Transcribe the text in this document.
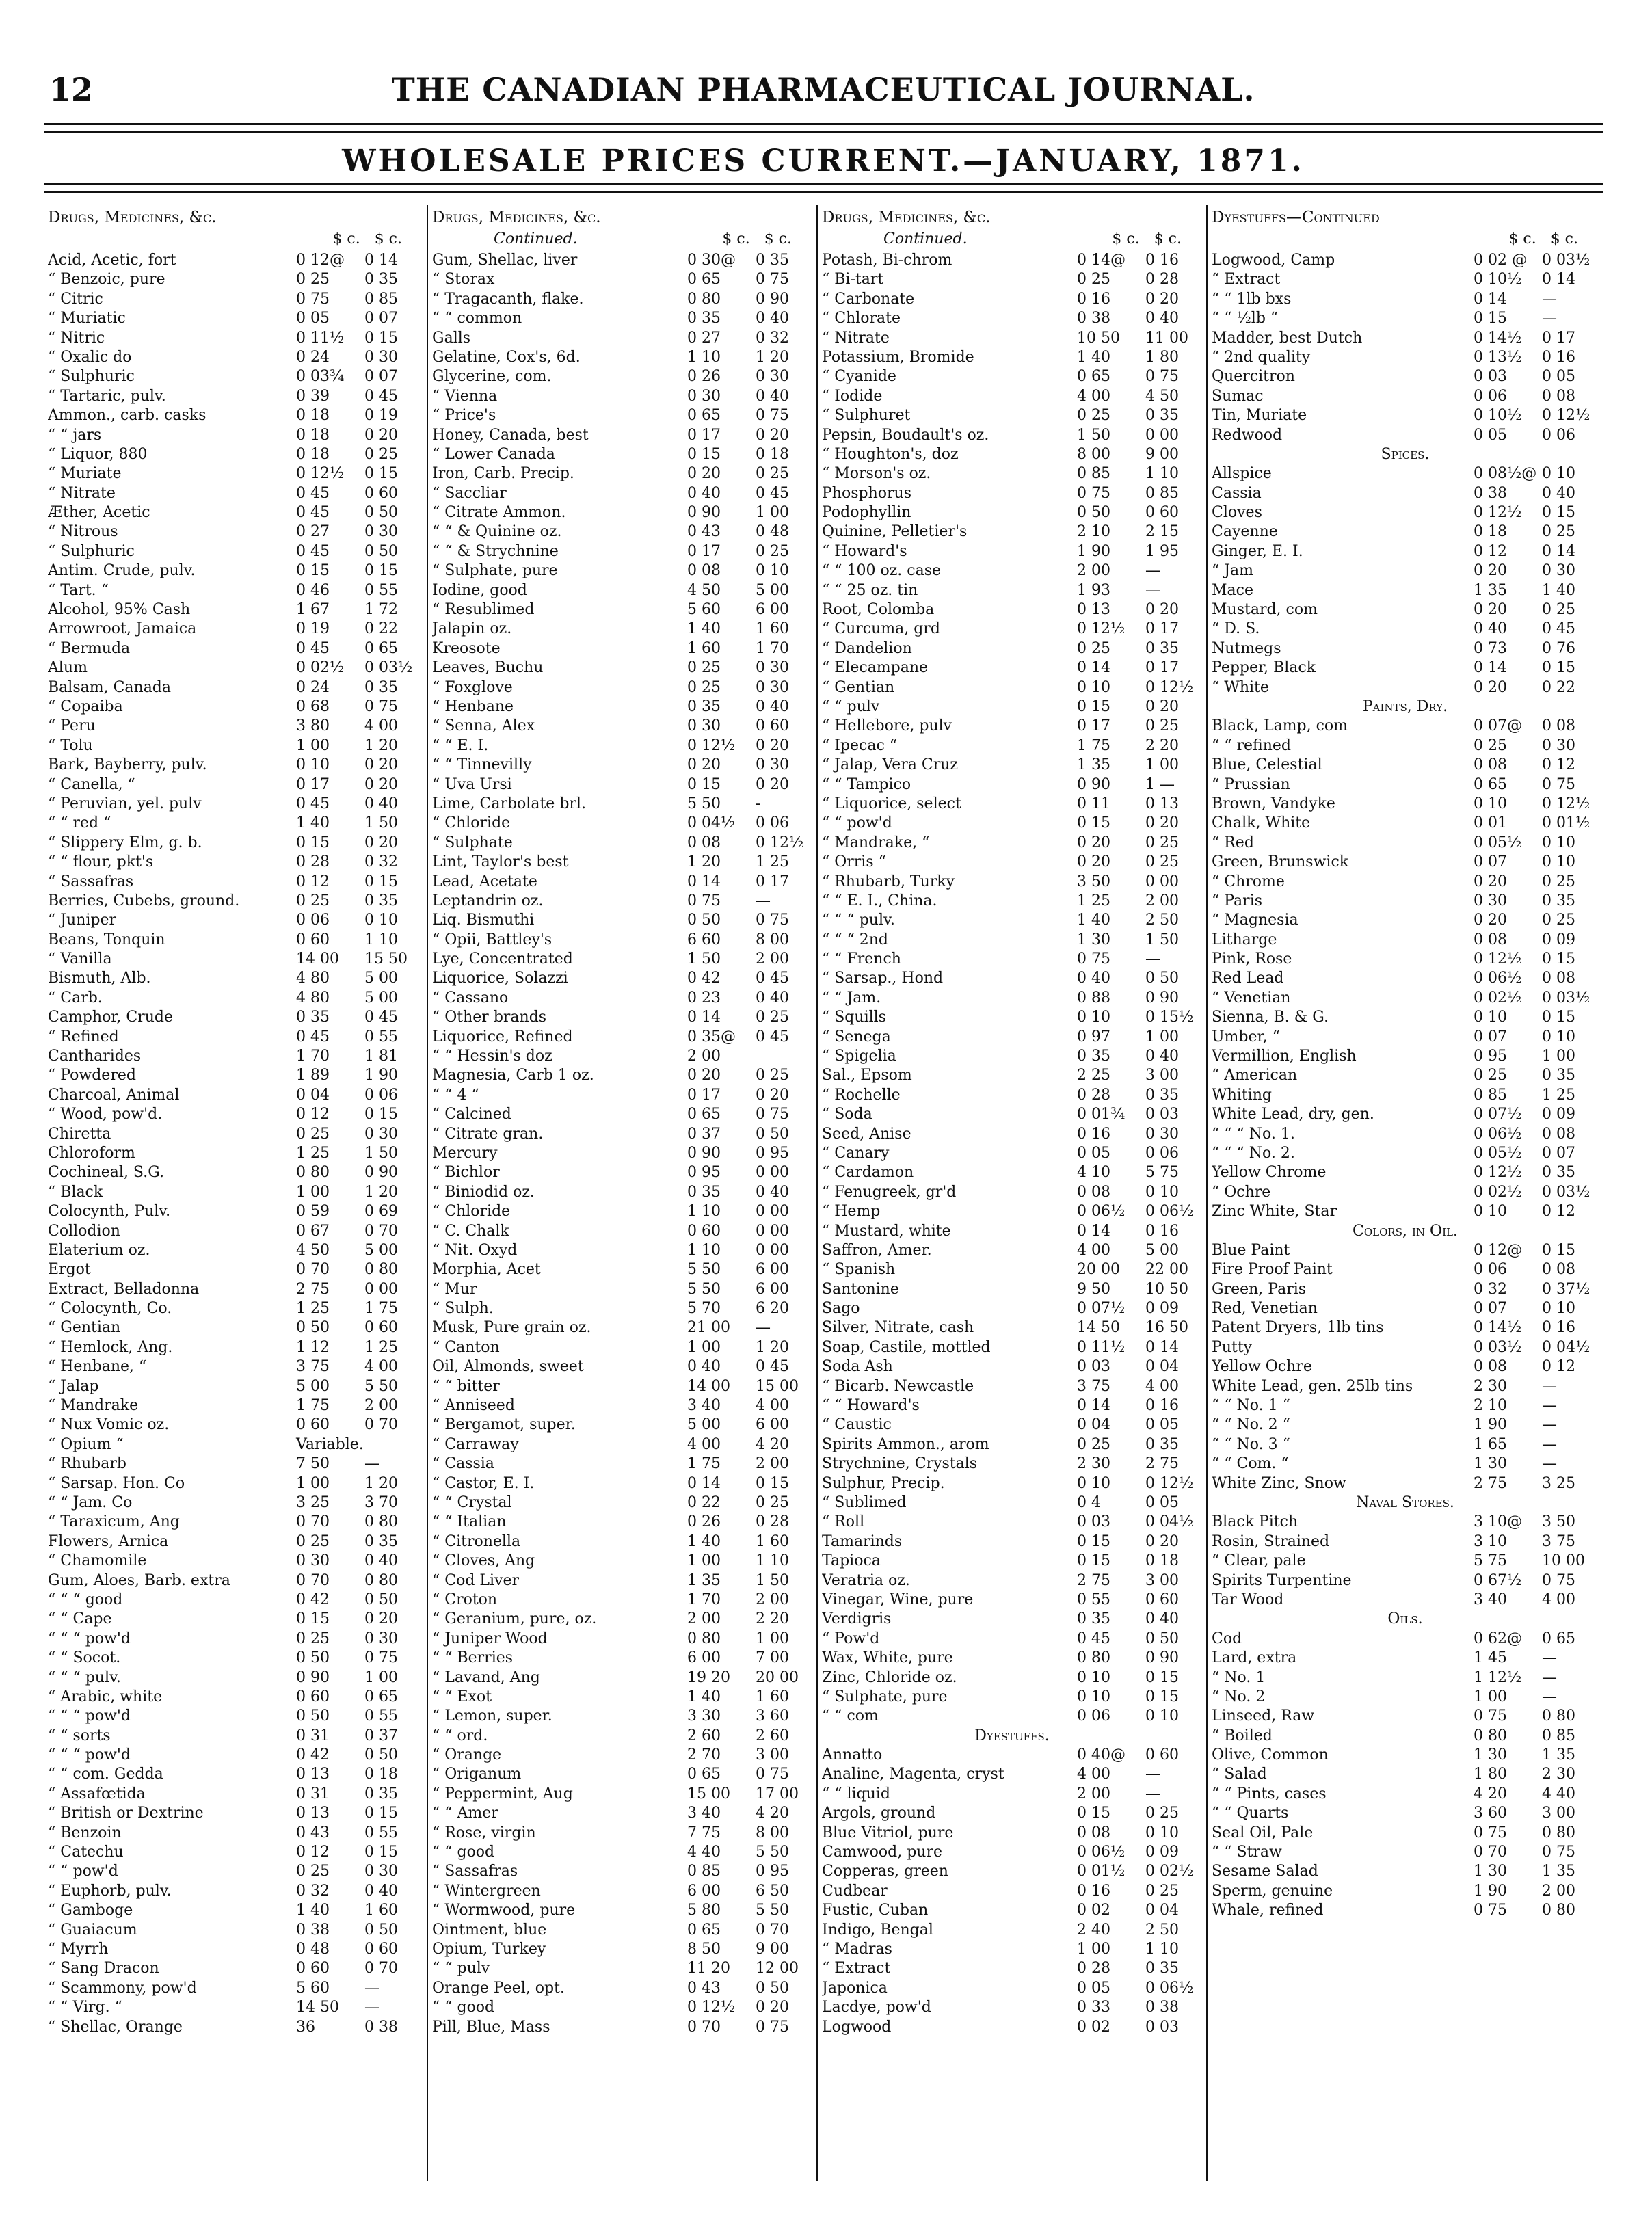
12	THE CANADIAN PHARMACEUTICAL JOURNAL.
WHOLESALE PRICES CURRENT.—JANUARY, 1871.
Drugs, Medicines, &c.
$ c.   $ c.
Acid, Acetic, fort	0 12@	0 14
“ Benzoic, pure	0 25	0 35
“ Citric	0 75	0 85
“ Muriatic	0 05	0 07
“ Nitric	0 11½	0 15
“ Oxalic do	0 24	0 30
“ Sulphuric	0 03¾	0 07
“ Tartaric, pulv.	0 39	0 45
Ammon., carb. casks	0 18	0 19
“ “ jars	0 18	0 20
“ Liquor, 880	0 18	0 25
“ Muriate	0 12½	0 15
“ Nitrate	0 45	0 60
Æther, Acetic	0 45	0 50
“ Nitrous	0 27	0 30
“ Sulphuric	0 45	0 50
Antim. Crude, pulv.	0 15	0 15
“ Tart. “	0 46	0 55
Alcohol, 95% Cash	1 67	1 72
Arrowroot, Jamaica	0 19	0 22
“ Bermuda	0 45	0 65
Alum	0 02½	0 03½
Balsam, Canada	0 24	0 35
“ Copaiba	0 68	0 75
“ Peru	3 80	4 00
“ Tolu	1 00	1 20
Bark, Bayberry, pulv.	0 10	0 20
“ Canella, “	0 17	0 20
“ Peruvian, yel. pulv	0 45	0 40
“ “ red “	1 40	1 50
“ Slippery Elm, g. b.	0 15	0 20
“ “ flour, pkt's	0 28	0 32
“ Sassafras	0 12	0 15
Berries, Cubebs, ground.	0 25	0 35
“ Juniper	0 06	0 10
Beans, Tonquin	0 60	1 10
“ Vanilla	14 00	15 50
Bismuth, Alb.	4 80	5 00
“ Carb.	4 80	5 00
Camphor, Crude	0 35	0 45
“ Refined	0 45	0 55
Cantharides	1 70	1 81
“ Powdered	1 89	1 90
Charcoal, Animal	0 04	0 06
“ Wood, pow'd.	0 12	0 15
Chiretta	0 25	0 30
Chloroform	1 25	1 50
Cochineal, S.G.	0 80	0 90
“ Black	1 00	1 20
Colocynth, Pulv.	0 59	0 69
Collodion	0 67	0 70
Elaterium oz.	4 50	5 00
Ergot	0 70	0 80
Extract, Belladonna	2 75	0 00
“ Colocynth, Co.	1 25	1 75
“ Gentian	0 50	0 60
“ Hemlock, Ang.	1 12	1 25
“ Henbane, “	3 75	4 00
“ Jalap	5 00	5 50
“ Mandrake	1 75	2 00
“ Nux Vomic oz.	0 60	0 70
“ Opium “	Variable.
“ Rhubarb	7 50	—
“ Sarsap. Hon. Co	1 00	1 20
“ “ Jam. Co	3 25	3 70
“ Taraxicum, Ang	0 70	0 80
Flowers, Arnica	0 25	0 35
“ Chamomile	0 30	0 40
Gum, Aloes, Barb. extra	0 70	0 80
“ “ “ good	0 42	0 50
“ “ Cape	0 15	0 20
“ “ “ pow'd	0 25	0 30
“ “ Socot.	0 50	0 75
“ “ “ pulv.	0 90	1 00
“ Arabic, white	0 60	0 65
“ “ “ pow'd	0 50	0 55
“ “ sorts	0 31	0 37
“ “ “ pow'd	0 42	0 50
“ “ com. Gedda	0 13	0 18
“ Assafœtida	0 31	0 35
“ British or Dextrine	0 13	0 15
“ Benzoin	0 43	0 55
“ Catechu	0 12	0 15
“ “ pow'd	0 25	0 30
“ Euphorb, pulv.	0 32	0 40
“ Gamboge	1 40	1 60
“ Guaiacum	0 38	0 50
“ Myrrh	0 48	0 60
“ Sang Dracon	0 60	0 70
“ Scammony, pow'd	5 60	—
“ “ Virg. “	14 50	—
“ Shellac, Orange	36	0 38
Drugs, Medicines, &c.
Continued.	$ c.   $ c.
Gum, Shellac, liver	0 30@	0 35
“ Storax	0 65	0 75
“ Tragacanth, flake.	0 80	0 90
“ “ common	0 35	0 40
Galls	0 27	0 32
Gelatine, Cox's, 6d.	1 10	1 20
Glycerine, com.	0 26	0 30
“ Vienna	0 30	0 40
“ Price's	0 65	0 75
Honey, Canada, best	0 17	0 20
“ Lower Canada	0 15	0 18
Iron, Carb. Precip.	0 20	0 25
“ Saccliar	0 40	0 45
“ Citrate Ammon.	0 90	1 00
“ “ & Quinine oz.	0 43	0 48
“ “ & Strychnine	0 17	0 25
“ Sulphate, pure	0 08	0 10
Iodine, good	4 50	5 00
“ Resublimed	5 60	6 00
Jalapin oz.	1 40	1 60
Kreosote	1 60	1 70
Leaves, Buchu	0 25	0 30
“ Foxglove	0 25	0 30
“ Henbane	0 35	0 40
“ Senna, Alex	0 30	0 60
“ “ E. I.	0 12½	0 20
“ “ Tinnevilly	0 20	0 30
“ Uva Ursi	0 15	0 20
Lime, Carbolate brl.	5 50	-
“ Chloride	0 04½	0 06
“ Sulphate	0 08	0 12½
Lint, Taylor's best	1 20	1 25
Lead, Acetate	0 14	0 17
Leptandrin oz.	0 75	—
Liq. Bismuthi	0 50	0 75
“ Opii, Battley's	6 60	8 00
Lye, Concentrated	1 50	2 00
Liquorice, Solazzi	0 42	0 45
“ Cassano	0 23	0 40
“ Other brands	0 14	0 25
Liquorice, Refined	0 35@	0 45
“ “ Hessin's doz	2 00
Magnesia, Carb 1 oz.	0 20	0 25
“ “ 4 “	0 17	0 20
“ Calcined	0 65	0 75
“ Citrate gran.	0 37	0 50
Mercury	0 90	0 95
“ Bichlor	0 95	0 00
“ Biniodid oz.	0 35	0 40
“ Chloride	1 10	0 00
“ C. Chalk	0 60	0 00
“ Nit. Oxyd	1 10	0 00
Morphia, Acet	5 50	6 00
“ Mur	5 50	6 00
“ Sulph.	5 70	6 20
Musk, Pure grain oz.	21 00	—
“ Canton	1 00	1 20
Oil, Almonds, sweet	0 40	0 45
“ “ bitter	14 00	15 00
“ Anniseed	3 40	4 00
“ Bergamot, super.	5 00	6 00
“ Carraway	4 00	4 20
“ Cassia	1 75	2 00
“ Castor, E. I.	0 14	0 15
“ “ Crystal	0 22	0 25
“ “ Italian	0 26	0 28
“ Citronella	1 40	1 60
“ Cloves, Ang	1 00	1 10
“ Cod Liver	1 35	1 50
“ Croton	1 70	2 00
“ Geranium, pure, oz.	2 00	2 20
“ Juniper Wood	0 80	1 00
“ “ Berries	6 00	7 00
“ Lavand, Ang	19 20	20 00
“ “ Exot	1 40	1 60
“ Lemon, super.	3 30	3 60
“ “ ord.	2 60	2 60
“ Orange	2 70	3 00
“ Origanum	0 65	0 75
“ Peppermint, Aug	15 00	17 00
“ “ Amer	3 40	4 20
“ Rose, virgin	7 75	8 00
“ “ good	4 40	5 50
“ Sassafras	0 85	0 95
“ Wintergreen	6 00	6 50
“ Wormwood, pure	5 80	5 50
Ointment, blue	0 65	0 70
Opium, Turkey	8 50	9 00
“ “ pulv	11 20	12 00
Orange Peel, opt.	0 43	0 50
“ “ good	0 12½	0 20
Pill, Blue, Mass	0 70	0 75
Drugs, Medicines, &c.
Continued.	$ c.   $ c.
Potash, Bi-chrom	0 14@	0 16
“ Bi-tart	0 25	0 28
“ Carbonate	0 16	0 20
“ Chlorate	0 38	0 40
“ Nitrate	10 50	11 00
Potassium, Bromide	1 40	1 80
“ Cyanide	0 65	0 75
“ Iodide	4 00	4 50
“ Sulphuret	0 25	0 35
Pepsin, Boudault's oz.	1 50	0 00
“ Houghton's, doz	8 00	9 00
“ Morson's oz.	0 85	1 10
Phosphorus	0 75	0 85
Podophyllin	0 50	0 60
Quinine, Pelletier's	2 10	2 15
“ Howard's	1 90	1 95
“ “ 100 oz. case	2 00	—
“ “ 25 oz. tin	1 93	—
Root, Colomba	0 13	0 20
“ Curcuma, grd	0 12½	0 17
“ Dandelion	0 25	0 35
“ Elecampane	0 14	0 17
“ Gentian	0 10	0 12½
“ “ pulv	0 15	0 20
“ Hellebore, pulv	0 17	0 25
“ Ipecac “	1 75	2 20
“ Jalap, Vera Cruz	1 35	1 00
“ “ Tampico	0 90	1 —
“ Liquorice, select	0 11	0 13
“ “ pow'd	0 15	0 20
“ Mandrake, “	0 20	0 25
“ Orris “	0 20	0 25
“ Rhubarb, Turky	3 50	0 00
“ “ E. I., China.	1 25	2 00
“ “ “ pulv.	1 40	2 50
“ “ “ 2nd	1 30	1 50
“ “ French	0 75	—
“ Sarsap., Hond	0 40	0 50
“ “ Jam.	0 88	0 90
“ Squills	0 10	0 15½
“ Senega	0 97	1 00
“ Spigelia	0 35	0 40
Sal., Epsom	2 25	3 00
“ Rochelle	0 28	0 35
“ Soda	0 01¾	0 03
Seed, Anise	0 16	0 30
“ Canary	0 05	0 06
“ Cardamon	4 10	5 75
“ Fenugreek, gr'd	0 08	0 10
“ Hemp	0 06½	0 06½
“ Mustard, white	0 14	0 16
Saffron, Amer.	4 00	5 00
“ Spanish	20 00	22 00
Santonine	9 50	10 50
Sago	0 07½	0 09
Silver, Nitrate, cash	14 50	16 50
Soap, Castile, mottled	0 11½	0 14
Soda Ash	0 03	0 04
“ Bicarb. Newcastle	3 75	4 00
“ “ Howard's	0 14	0 16
“ Caustic	0 04	0 05
Spirits Ammon., arom	0 25	0 35
Strychnine, Crystals	2 30	2 75
Sulphur, Precip.	0 10	0 12½
“ Sublimed	0 4	0 05
“ Roll	0 03	0 04½
Tamarinds	0 15	0 20
Tapioca	0 15	0 18
Veratria oz.	2 75	3 00
Vinegar, Wine, pure	0 55	0 60
Verdigris	0 35	0 40
“ Pow'd	0 45	0 50
Wax, White, pure	0 80	0 90
Zinc, Chloride oz.	0 10	0 15
“ Sulphate, pure	0 10	0 15
“ “ com	0 06	0 10
Dyestuffs.
Annatto	0 40@	0 60
Analine, Magenta, cryst	4 00	—
“ “ liquid	2 00	—
Argols, ground	0 15	0 25
Blue Vitriol, pure	0 08	0 10
Camwood, pure	0 06½	0 09
Copperas, green	0 01½	0 02½
Cudbear	0 16	0 25
Fustic, Cuban	0 02	0 04
Indigo, Bengal	2 40	2 50
“ Madras	1 00	1 10
“ Extract	0 28	0 35
Japonica	0 05	0 06½
Lacdye, pow'd	0 33	0 38
Logwood	0 02	0 03
Dyestuffs—Continued
$ c.   $ c.
Logwood, Camp	0 02 @	0 03½
“ Extract	0 10½	0 14
“ “ 1lb bxs	0 14	—
“ “ ½lb “	0 15	—
Madder, best Dutch	0 14½	0 17
“ 2nd quality	0 13½	0 16
Quercitron	0 03	0 05
Sumac	0 06	0 08
Tin, Muriate	0 10½	0 12½
Redwood	0 05	0 06
Spices.
Allspice	0 08½@ 0 10
Cassia	0 38	0 40
Cloves	0 12½	0 15
Cayenne	0 18	0 25
Ginger, E. I.	0 12	0 14
“ Jam	0 20	0 30
Mace	1 35	1 40
Mustard, com	0 20	0 25
“ D. S.	0 40	0 45
Nutmegs	0 73	0 76
Pepper, Black	0 14	0 15
“ White	0 20	0 22
Paints, Dry.
Black, Lamp, com	0 07@	0 08
“ “ refined	0 25	0 30
Blue, Celestial	0 08	0 12
“ Prussian	0 65	0 75
Brown, Vandyke	0 10	0 12½
Chalk, White	0 01	0 01½
“ Red	0 05½	0 10
Green, Brunswick	0 07	0 10
“ Chrome	0 20	0 25
“ Paris	0 30	0 35
“ Magnesia	0 20	0 25
Litharge	0 08	0 09
Pink, Rose	0 12½	0 15
Red Lead	0 06½	0 08
“ Venetian	0 02½	0 03½
Sienna, B. & G.	0 10	0 15
Umber, “	0 07	0 10
Vermillion, English	0 95	1 00
“ American	0 25	0 35
Whiting	0 85	1 25
White Lead, dry, gen.	0 07½	0 09
“ “ “ No. 1.	0 06½	0 08
“ “ “ No. 2.	0 05½	0 07
Yellow Chrome	0 12½	0 35
“ Ochre	0 02½	0 03½
Zinc White, Star	0 10	0 12
Colors, in Oil.
Blue Paint	0 12@	0 15
Fire Proof Paint	0 06	0 08
Green, Paris	0 32	0 37½
Red, Venetian	0 07	0 10
Patent Dryers, 1lb tins	0 14½	0 16
Putty	0 03½	0 04½
Yellow Ochre	0 08	0 12
White Lead, gen. 25lb tins	2 30	—
“ “ No. 1 “	2 10	—
“ “ No. 2 “	1 90	—
“ “ No. 3 “	1 65	—
“ “ Com. “	1 30	—
White Zinc, Snow	2 75	3 25
Naval Stores.
Black Pitch	3 10@	3 50
Rosin, Strained	3 10	3 75
“ Clear, pale	5 75	10 00
Spirits Turpentine	0 67½	0 75
Tar Wood	3 40	4 00
Oils.
Cod	0 62@	0 65
Lard, extra	1 45	—
“ No. 1	1 12½	—
“ No. 2	1 00	—
Linseed, Raw	0 75	0 80
“ Boiled	0 80	0 85
Olive, Common	1 30	1 35
“ Salad	1 80	2 30
“ “ Pints, cases	4 20	4 40
“ “ Quarts	3 60	3 00
Seal Oil, Pale	0 75	0 80
“ “ Straw	0 70	0 75
Sesame Salad	1 30	1 35
Sperm, genuine	1 90	2 00
Whale, refined	0 75	0 80
